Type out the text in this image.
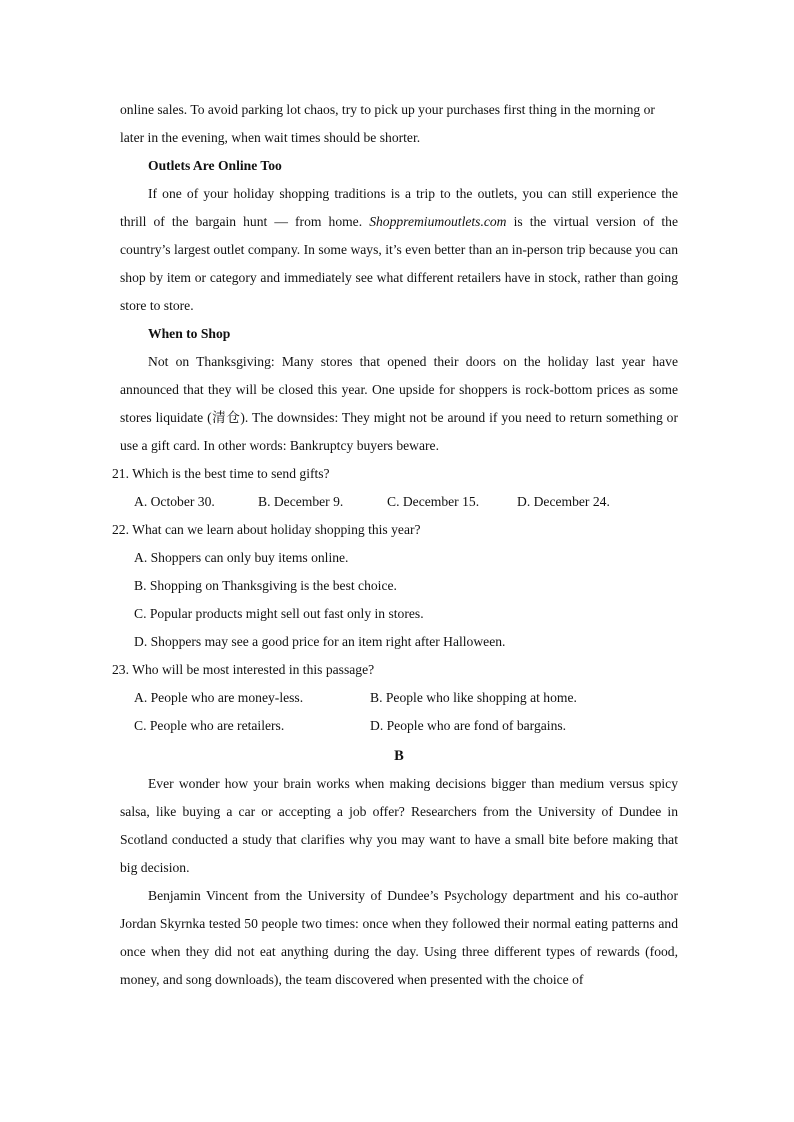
online sales. To avoid parking lot chaos, try to pick up your purchases first thing in the morning or
later in the evening, when wait times should be shorter.
Outlets Are Online Too
If one of your holiday shopping traditions is a trip to the outlets, you can still experience the thrill of the bargain hunt — from home. Shoppremiumoutlets.com is the virtual version of the country’s largest outlet company. In some ways, it’s even better than an in-person trip because you can shop by item or category and immediately see what different retailers have in stock, rather than going store to store.
When to Shop
Not on Thanksgiving: Many stores that opened their doors on the holiday last year have announced that they will be closed this year. One upside for shoppers is rock-bottom prices as some stores liquidate (清仓). The downsides: They might not be around if you need to return something or use a gift card. In other words: Bankruptcy buyers beware.
21. Which is the best time to send gifts?
A. October 30.	B. December 9.	C. December 15.	D. December 24.
22. What can we learn about holiday shopping this year?
A. Shoppers can only buy items online.
B. Shopping on Thanksgiving is the best choice.
C. Popular products might sell out fast only in stores.
D. Shoppers may see a good price for an item right after Halloween.
23. Who will be most interested in this passage?
A. People who are money-less.	B. People who like shopping at home.
C. People who are retailers.	D. People who are fond of bargains.
B
Ever wonder how your brain works when making decisions bigger than medium versus spicy salsa, like buying a car or accepting a job offer? Researchers from the University of Dundee in Scotland conducted a study that clarifies why you may want to have a small bite before making that big decision.
Benjamin Vincent from the University of Dundee’s Psychology department and his co-author Jordan Skyrnka tested 50 people two times: once when they followed their normal eating patterns and once when they did not eat anything during the day. Using three different types of rewards (food, money, and song downloads), the team discovered when presented with the choice of
